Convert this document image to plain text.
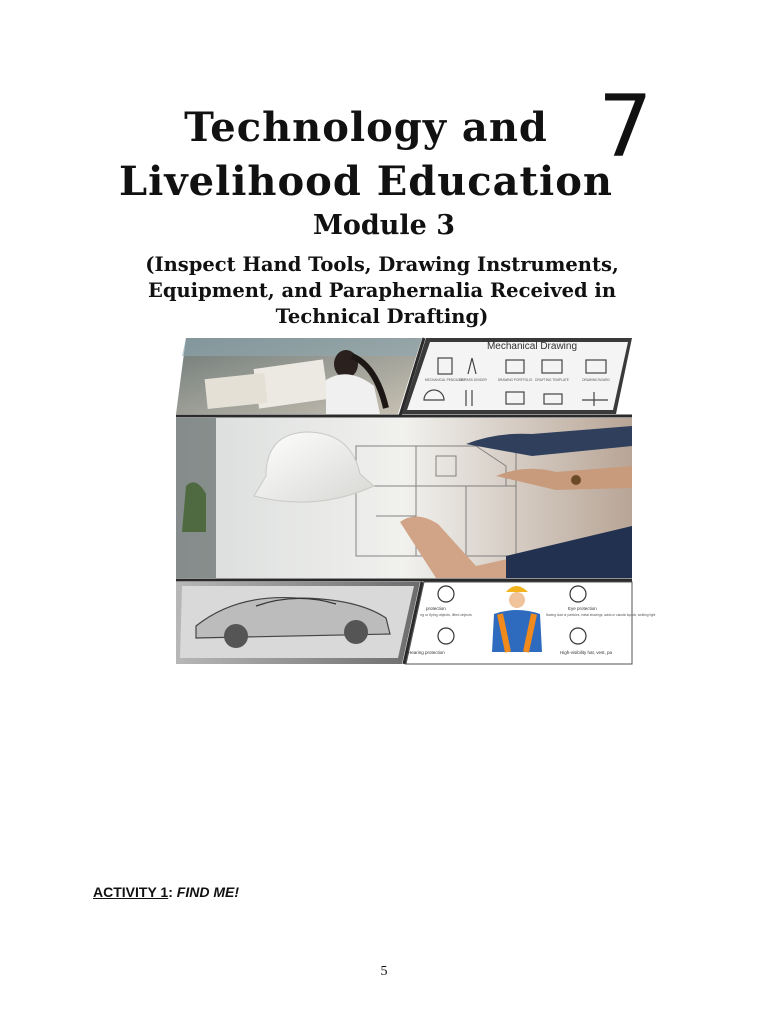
Technology and
Livelihood Education
7
Module 3
(Inspect Hand Tools, Drawing Instruments,
Equipment, and Paraphernalia Received in
Technical Drafting)
Mechanical Drawing
MECHANICAL PENCIL SET
COMPASS DIVIDER	DRAWING PORTFOLIO DRAFTING TEMPLATE	DRAWING BOARD
protection
ng or flying objects, lified objects
Eye protection
flowing dust or particles, metal shavings, acids or caustic liquids, welding light
Hearing protection	High-visibility hat, vest, pa
ACTIVITY 1: FIND ME!
5
